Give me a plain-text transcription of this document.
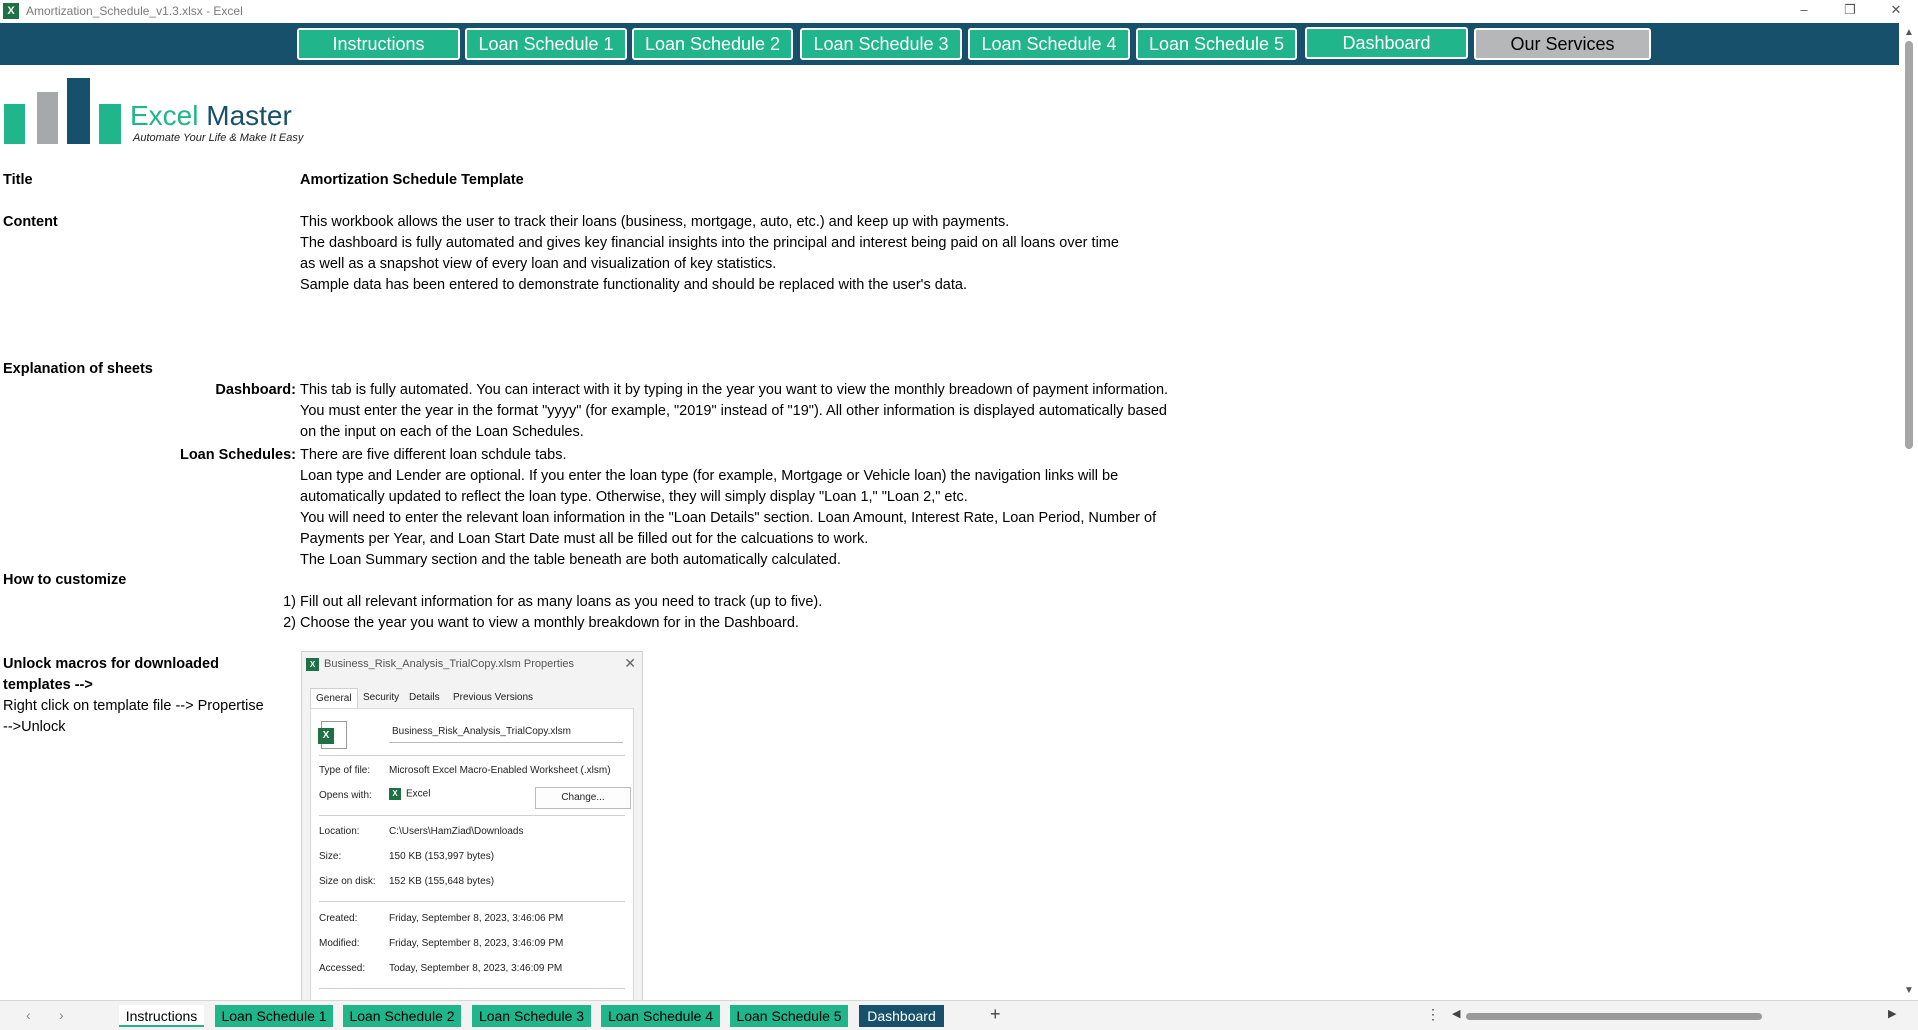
X Amortization_Schedule_v1.3.xlsx - Excel	–	❐	✕
Instructions	Loan Schedule 1	Loan Schedule 2	Loan Schedule 3	Loan Schedule 4	Loan Schedule 5	Dashboard	Our Services
Excel Master
Automate Your Life & Make It Easy
Title	Amortization Schedule Template
Content	This workbook allows the user to track their loans (business, mortgage, auto, etc.) and keep up with payments.
The dashboard is fully automated and gives key financial insights into the principal and interest being paid on all loans over time
as well as a snapshot view of every loan and visualization of key statistics.
Sample data has been entered to demonstrate functionality and should be replaced with the user's data.
Explanation of sheets
Dashboard: This tab is fully automated. You can interact with it by typing in the year you want to view the monthly breadown of payment information.
You must enter the year in the format "yyyy" (for example, "2019" instead of "19"). All other information is displayed automatically based
on the input on each of the Loan Schedules.
Loan Schedules: There are five different loan schdule tabs.
Loan type and Lender are optional. If you enter the loan type (for example, Mortgage or Vehicle loan) the navigation links will be
automatically updated to reflect the loan type. Otherwise, they will simply display "Loan 1," "Loan 2," etc.
You will need to enter the relevant loan information in the "Loan Details" section. Loan Amount, Interest Rate, Loan Period, Number of
Payments per Year, and Loan Start Date must all be filled out for the calcuations to work.
The Loan Summary section and the table beneath are both automatically calculated.
How to customize
1) Fill out all relevant information for as many loans as you need to track (up to five).
2) Choose the year you want to view a monthly breakdown for in the Dashboard.
Unlock macros for downloaded
templates -->
Right click on template file --> Propertise
-->Unlock
X Business_Risk_Analysis_TrialCopy.xlsm Properties	✕
General	Security Details	Previous Versions
X	Business_Risk_Analysis_TrialCopy.xlsm
Type of file: Microsoft Excel Macro-Enabled Worksheet (.xlsm)
Opens with:	X Excel	Change...
Location:	C:\Users\HamZiad\Downloads
Size:	150 KB (153,997 bytes)
Size on disk: 152 KB (155,648 bytes)
Created:	Friday, September 8, 2023, 3:46:06 PM
Modified:	Friday, September 8, 2023, 3:46:09 PM
Accessed: Today, September 8, 2023, 3:46:09 PM
▲
▼
‹ ›	Instructions	Loan Schedule 1	Loan Schedule 2	Loan Schedule 3	Loan Schedule 4	Loan Schedule 5	Dashboard	+	⋮ ◀	▶
